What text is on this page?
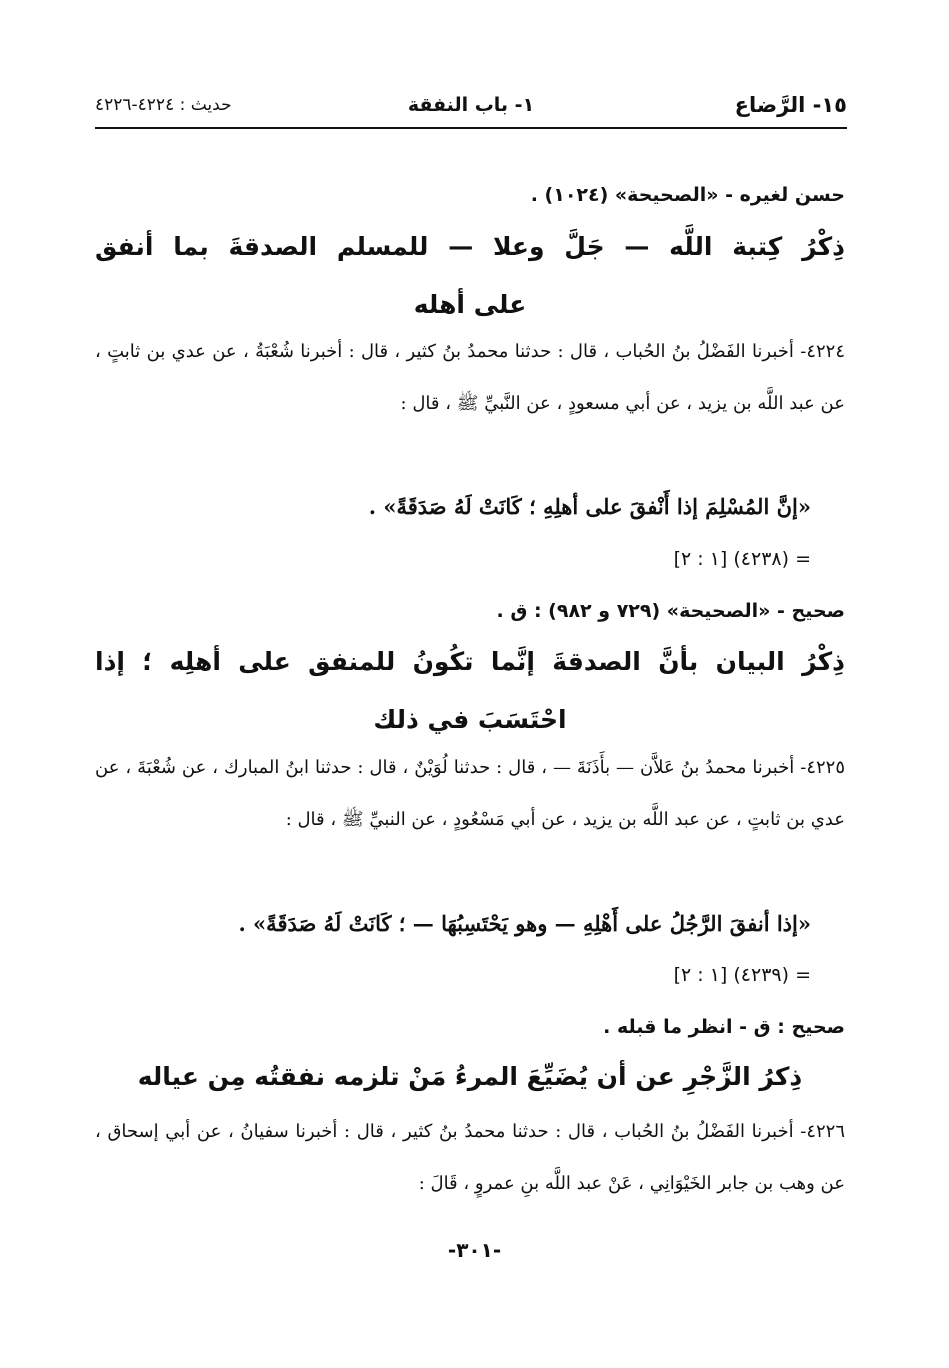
١٥- الرَّضاع
١- باب النفقة
حديث : ٤٢٢٤-٤٢٢٦
حسن لغيره - «الصحيحة» (١٠٢٤) .
ذِكْرُ كِتبة اللَّه — جَلَّ وعلا — للمسلم الصدقةَ بما أنفق
على أهله
٤٢٢٤- أخبرنا الفَضْلُ بنُ الحُباب ، قال : حدثنا محمدُ بنُ كثير ، قال : أخبرنا شُعْبَةُ ، عن عدي بن ثابتٍ ، عن عبد اللَّه بن يزيد ، عن أبي مسعودٍ ، عن النَّبيِّ ﷺ ، قال :
«إنَّ المُسْلِمَ إذا أَنْفقَ على أهلِهِ ؛ كَانَتْ لَهُ صَدَقَةً» .
= (٤٢٣٨) [١ : ٢]
صحيح - «الصحيحة» (٧٢٩ و ٩٨٢) : ق .
ذِكْرُ البيان بأنَّ الصدقةَ إنَّما تكُونُ للمنفق على أهلِه ؛ إذا
احْتَسَبَ في ذلك
٤٢٢٥- أخبرنا محمدُ بنُ عَلاَّن — بأَذَنَةَ — ، قال : حدثنا لُوَيْنٌ ، قال : حدثنا ابنُ المبارك ، عن شُعْبَةَ ، عن عدي بن ثابتٍ ، عن عبد اللَّه بن يزيد ، عن أبي مَسْعُودٍ ، عن النبيِّ ﷺ ، قال :
«إذا أنفقَ الرَّجُلُ على أَهْلِهِ — وهو يَحْتَسِبُهَا — ؛ كَانَتْ لَهُ صَدَقَةً» .
= (٤٢٣٩) [١ : ٢]
صحيح : ق - انظر ما قبله .
ذِكرُ الزَّجْرِ عن أن يُضَيِّعَ المرءُ مَنْ تلزمه نفقتُه مِن عياله
٤٢٢٦- أخبرنا الفَضْلُ بنُ الحُباب ، قال : حدثنا محمدُ بنُ كثير ، قال : أخبرنا سفيانُ ، عن أبي إسحاق ، عن وهب بن جابر الخَيْوَانِي ، عَنْ عبد اللَّه بنِ عمروٍ ، قَالَ :
-٣٠١-
